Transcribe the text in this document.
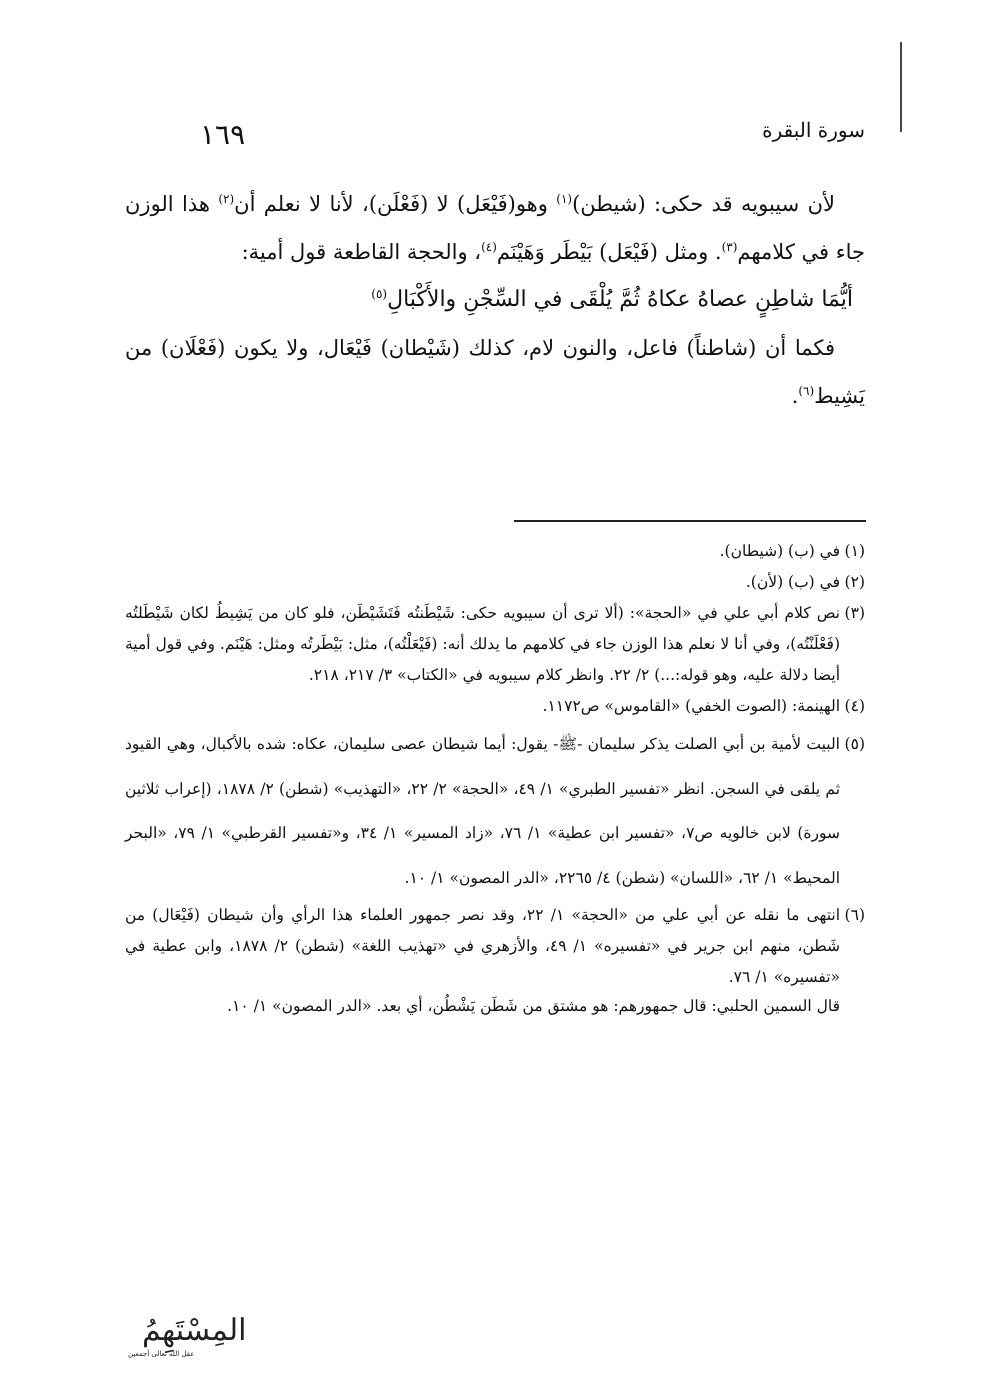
سورة البقرة
١٦٩

لأن سيبويه قد حكى: (شيطن)$^{(١)}$ وهو(فَيْعَل) لا (فَعْلَن)، لأنا لا نعلم أن$^{(٢)}$ هذا الوزن جاء في كلامهم$^{(٣)}$. ومثل (فَيْعَل) بَيْطَر وَهَيْنَم$^{(٤)}$، والحجة القاطعة قول أمية:

أيُّمَا شاطِنٍ عصاهُ عكاهُ ثُمَّ يُلْقَى في السِّجْنِ والأَكْبَالِ$^{(٥)}$

فكما أن (شاطناً) فاعل، والنون لام، كذلك (شَيْطان) فَيْعَال، ولا يكون (فَعْلَان) من يَشِيط$^{(٦)}$.

(١)في (ب) (شيطان).

(٢)في (ب) (لأن).

(٣)نص كلام أبي علي في «الحجة»: (ألا ترى أن سيبويه حكى: شَيْطَنتُه فَتَشَيْطَن، فلو كان من يَشِيطُ لكان شَيْطَلتُه (فَعْلَنْتُه)، وفي أنا لا نعلم هذا الوزن جاء في كلامهم ما يدلك أنه: (فَيْعَلْتُه)، مثل: بَيْطَرتُه ومثل: هَيْنَم. وفي قول أمية أيضا دلالة عليه، وهو قوله:...) ٢/ ٢٢. وانظر كلام سيبويه في «الكتاب» ٣/ ٢١٧، ٢١٨.

(٤)الهينمة: (الصوت الخفي) «القاموس» ص١١٧٢.

(٥)البيت لأمية بن أبي الصلت يذكر سليمان -ﷺ- يقول: أيما شيطان عصى سليمان، عكاه: شده بالأكبال، وهي القيود ثم يلقى في السجن. انظر «تفسير الطبري» ١/ ٤٩، «الحجة» ٢/ ٢٢، «التهذيب» (شطن) ٢/ ١٨٧٨، (إعراب ثلاثين سورة) لابن خالويه ص٧، «تفسير ابن عطية» ١/ ٧٦، «زاد المسير» ١/ ٣٤، و«تفسير القرطبي» ١/ ٧٩، «البحر المحيط» ١/ ٦٢، «اللسان» (شطن) ٤/ ٢٢٦٥، «الدر المصون» ١/ ١٠.

(٦)انتهى ما نقله عن أبي علي من «الحجة» ١/ ٢٢، وقد نصر جمهور العلماء هذا الرأي وأن شيطان (فَيْعَال) من شَطن، منهم ابن جرير في «تفسيره» ١/ ٤٩، والأزهري في «تهذيب اللغة» (شطن) ٢/ ١٨٧٨، وابن عطية في «تفسيره» ١/ ٧٦.

قال السمين الحلبي: قال جمهورهم: هو مشتق من شَطَن يَشْطُن، أي بعد. «الدر المصون» ١/ ١٠.

المِسْتَهِمُ
عقل الله تعالى أجمعين
